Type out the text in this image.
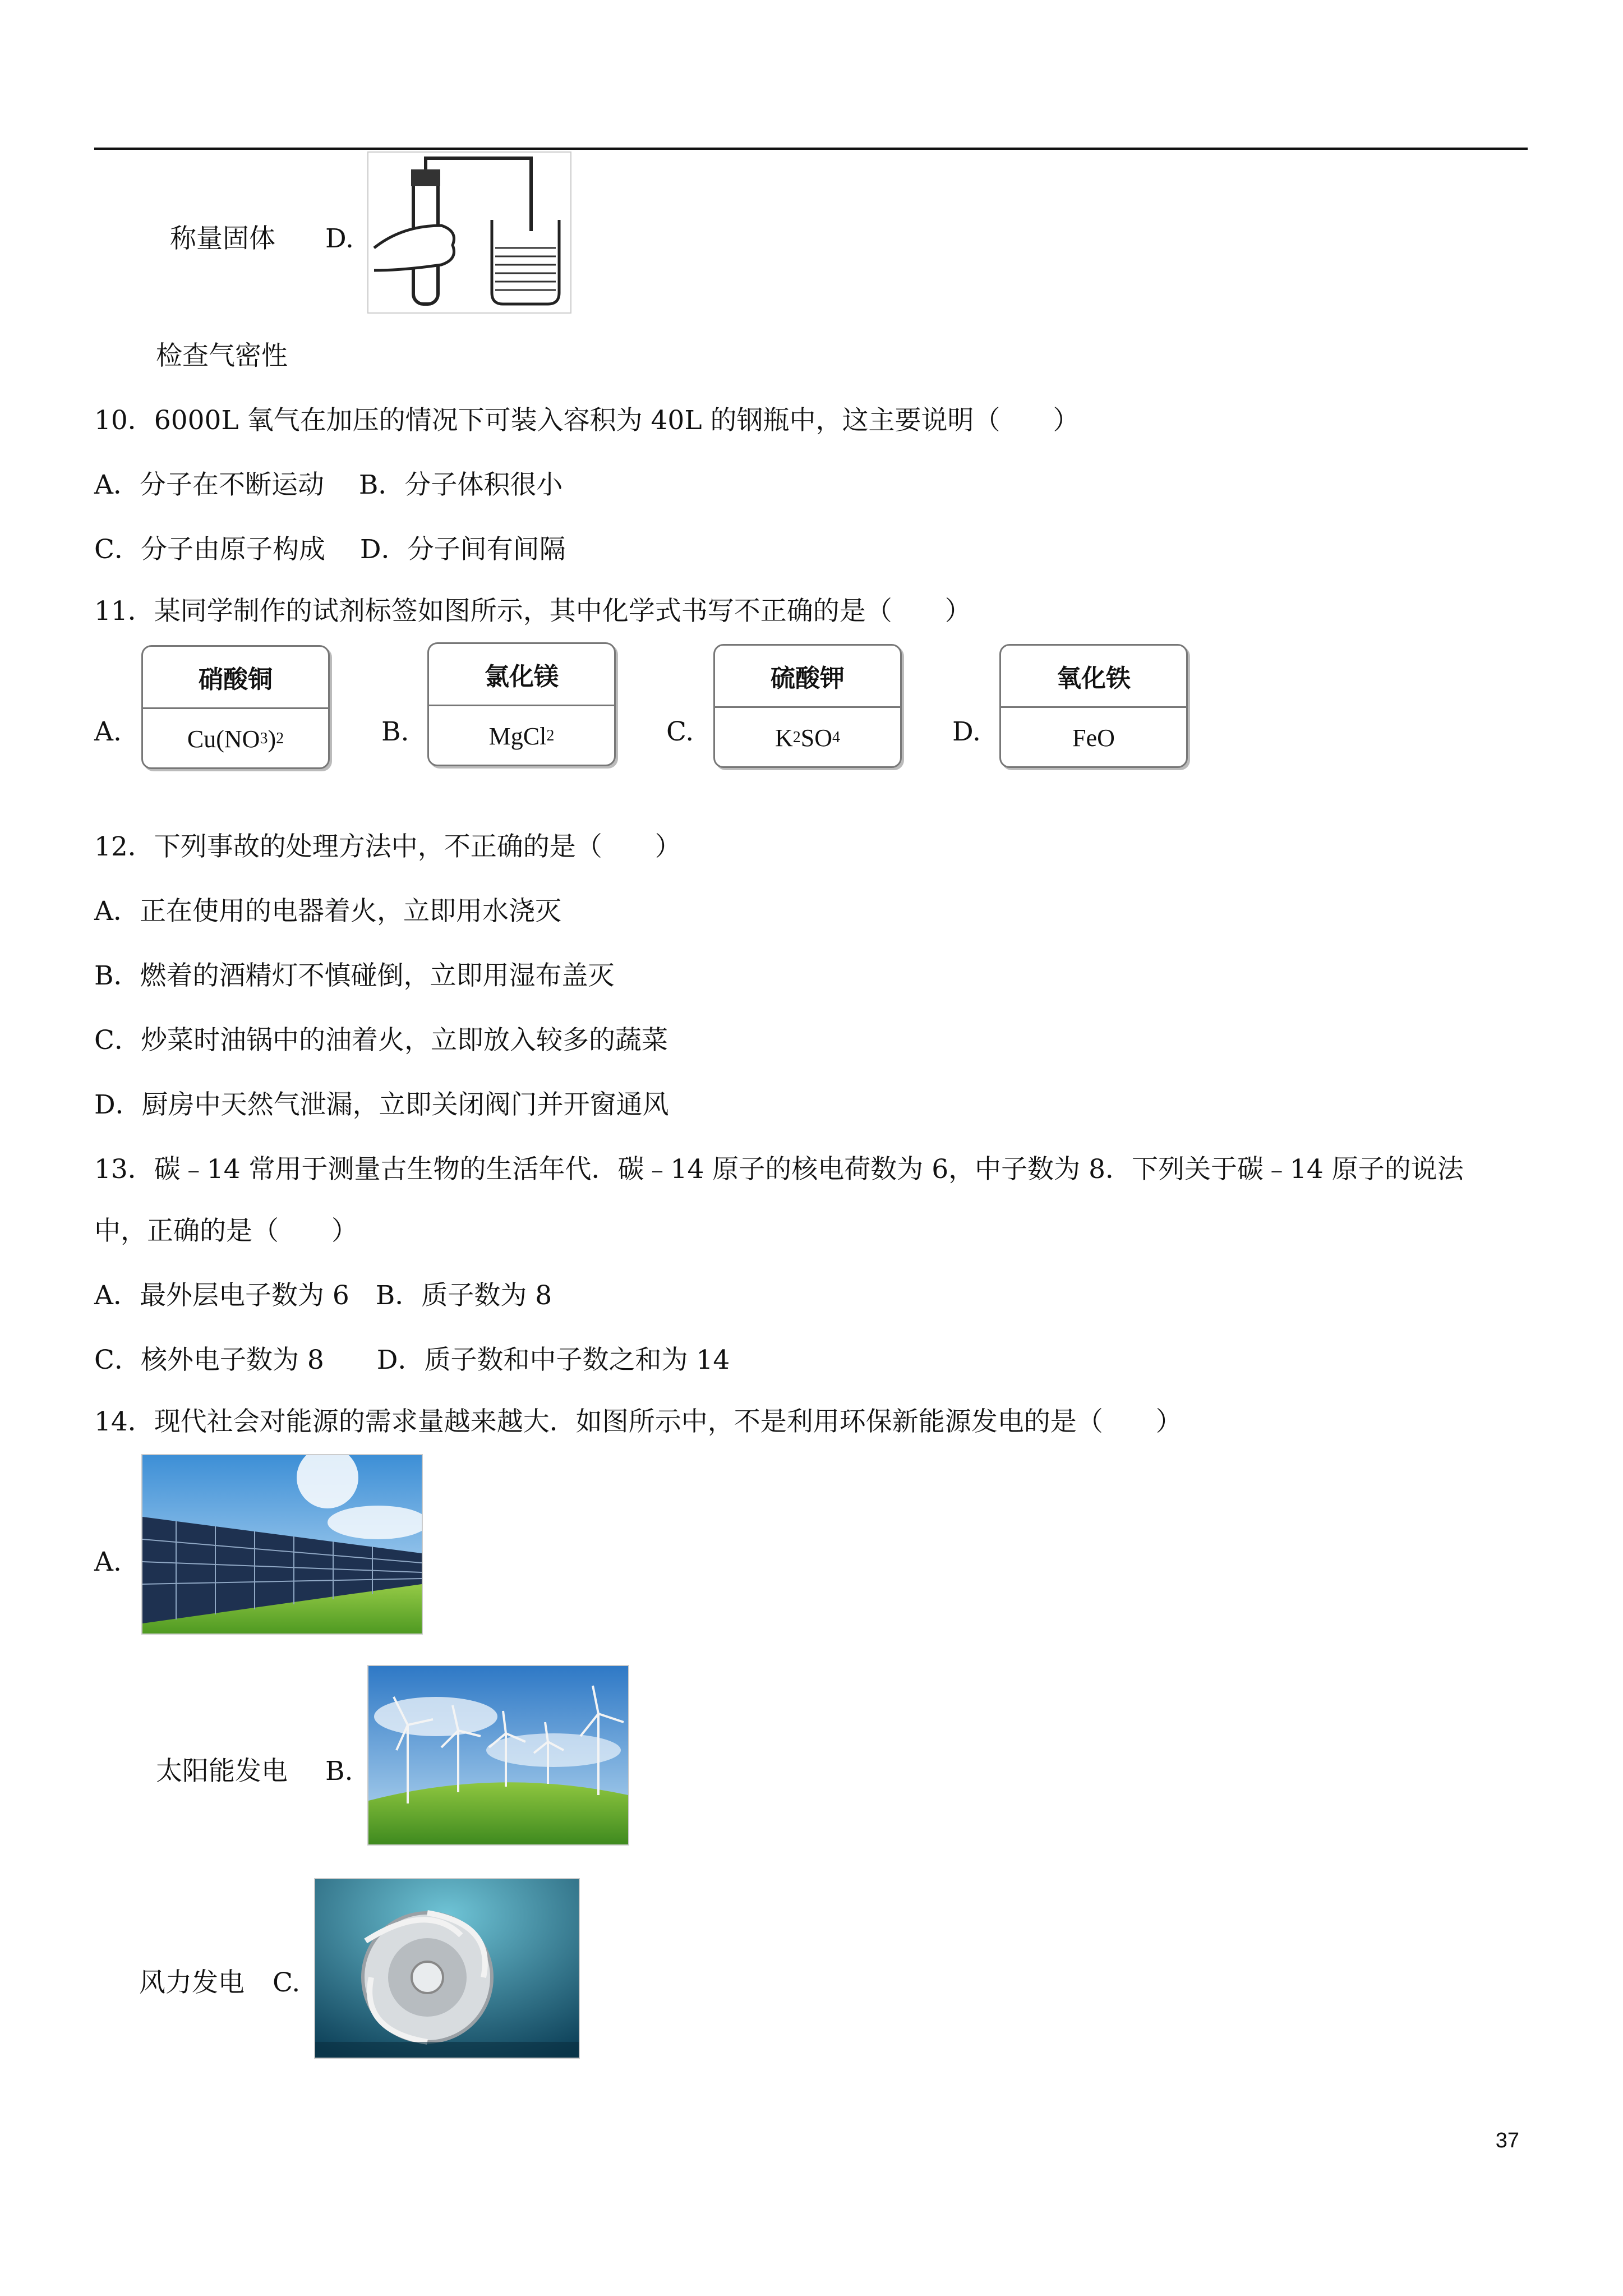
称量固体 D.
检查气密性
10．6000L 氧气在加压的情况下可装入容积为 40L 的钢瓶中，这主要说明（　　）
A．分子在不断运动　 B．分子体积很小
C．分子由原子构成　 D．分子间有间隔
11．某同学制作的试剂标签如图所示，其中化学式书写不正确的是（　　）
A.
硝酸铜
Cu(NO 3 ) 2	B.
氯化镁
MgCl 2	C.
硫酸钾
K 2 SO 4	D.
氧化铁
FeO
12．下列事故的处理方法中，不正确的是（　　）
A．正在使用的电器着火，立即用水浇灭
B．燃着的酒精灯不慎碰倒，立即用湿布盖灭
C．炒菜时油锅中的油着火，立即放入较多的蔬菜
D．厨房中天然气泄漏，立即关闭阀门并开窗通风
13．碳﹣14 常用于测量古生物的生活年代．碳﹣14 原子的核电荷数为 6，中子数为 8．下列关于碳﹣14 原子的说法
中，正确的是（　　）
A．最外层电子数为 6　B．质子数为 8
C．核外电子数为 8　　D．质子数和中子数之和为 14
14．现代社会对能源的需求量越来越大．如图所示中，不是利用环保新能源发电的是（　　）
A.
太阳能发电 B.
风力发电 C.
37
